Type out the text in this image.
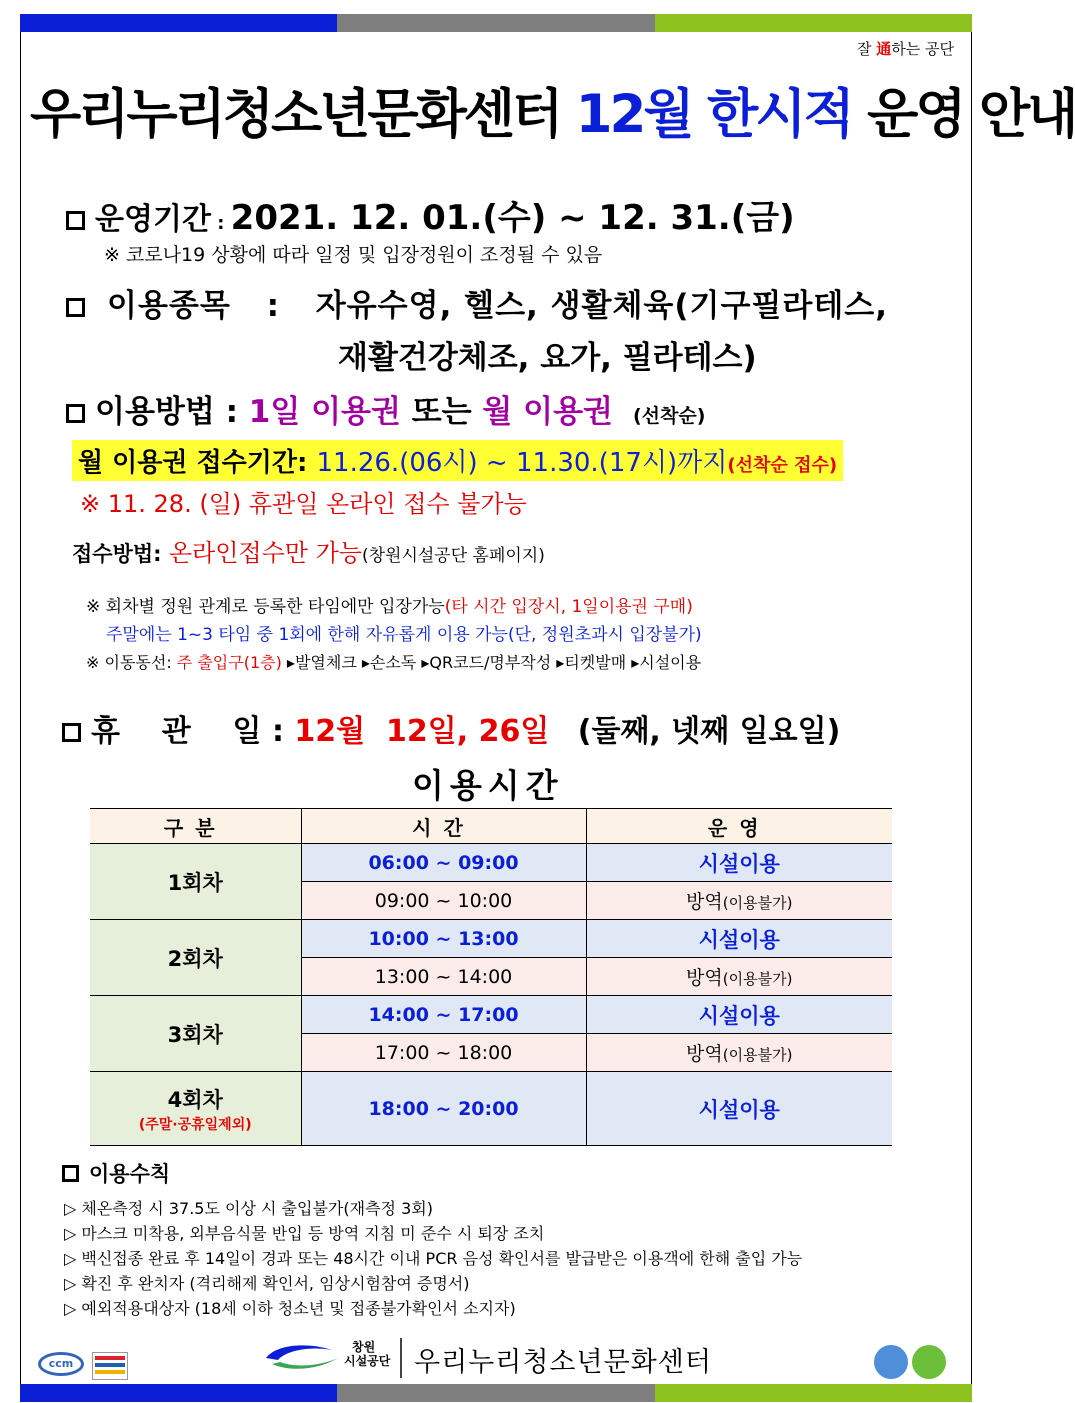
잘 通하는 공단
우리누리청소년문화센터 12월 한시적 운영 안내
운영기간 : 2021. 12. 01.(수) ~ 12. 31.(금)
※ 코로나19 상황에 따라 일정 및 입장정원이 조정될 수 있음
이용종목 : 자유수영, 헬스, 생활체육(기구필라테스,
재활건강체조, 요가, 필라테스)
이용방법 : 1일 이용권 또는 월 이용권 (선착순)
월 이용권 접수기간: 11.26.(06시) ~ 11.30.(17시)까지(선착순 접수)
※ 11. 28. (일) 휴관일 온라인 접수 불가능
접수방법: 온라인접수만 가능(창원시설공단 홈페이지)
※ 회차별 정원 관계로 등록한 타임에만 입장가능(타 시간 입장시, 1일이용권 구매)
주말에는 1~3 타임 중 1회에 한해 자유롭게 이용 가능(단, 정원초과시 입장불가)
※ 이동동선: 주 출입구(1층) ▸발열체크 ▸손소독 ▸QR코드/명부작성 ▸티켓발매 ▸시설이용
휴    관    일 : 12월  12일, 26일 (둘째, 넷째 일요일)
이용시간
구분	시간	운영
1회차	06:00 ~ 09:00	시설이용
	09:00 ~ 10:00	방역(이용불가)
2회차	10:00 ~ 13:00	시설이용
	13:00 ~ 14:00	방역(이용불가)
3회차	14:00 ~ 17:00	시설이용
	17:00 ~ 18:00	방역(이용불가)

4회차
(주말·공휴일제외)	18:00 ~ 20:00	시설이용
이용수칙
▷ 체온측정 시 37.5도 이상 시 출입불가(재측정 3회)
▷ 마스크 미착용, 외부음식물 반입 등 방역 지침 미 준수 시 퇴장 조치
▷ 백신접종 완료 후 14일이 경과 또는 48시간 이내 PCR 음성 확인서를 발급받은 이용객에 한해 출입 가능
▷ 확진 후 완치자 (격리해제 확인서, 임상시험참여 증명서)
▷ 예외적용대상자 (18세 이하 청소년 및 접종불가확인서 소지자)
ccm
창원
시설공단 우리누리청소년문화센터
